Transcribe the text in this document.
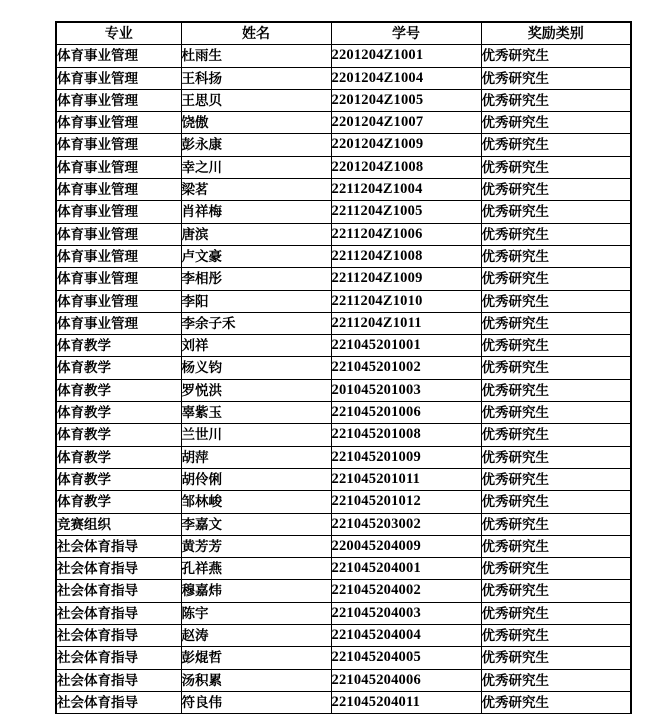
专业	姓名	学号	奖励类别
体育事业管理	杜雨生	2201204Z1001	优秀研究生
体育事业管理	王科扬	2201204Z1004	优秀研究生
体育事业管理	王思贝	2201204Z1005	优秀研究生
体育事业管理	饶傲	2201204Z1007	优秀研究生
体育事业管理	彭永康	2201204Z1009	优秀研究生
体育事业管理	幸之川	2201204Z1008	优秀研究生
体育事业管理	梁茗	2211204Z1004	优秀研究生
体育事业管理	肖祥梅	2211204Z1005	优秀研究生
体育事业管理	唐滨	2211204Z1006	优秀研究生
体育事业管理	卢文豪	2211204Z1008	优秀研究生
体育事业管理	李相彤	2211204Z1009	优秀研究生
体育事业管理	李阳	2211204Z1010	优秀研究生
体育事业管理	李余子禾	2211204Z1011	优秀研究生
体育教学	刘祥	221045201001	优秀研究生
体育教学	杨义钧	221045201002	优秀研究生
体育教学	罗悦洪	201045201003	优秀研究生
体育教学	辜紫玉	221045201006	优秀研究生
体育教学	兰世川	221045201008	优秀研究生
体育教学	胡萍	221045201009	优秀研究生
体育教学	胡伶俐	221045201011	优秀研究生
体育教学	邹林峻	221045201012	优秀研究生
竞赛组织	李嘉文	221045203002	优秀研究生
社会体育指导	黄芳芳	220045204009	优秀研究生
社会体育指导	孔祥燕	221045204001	优秀研究生
社会体育指导	穆嘉炜	221045204002	优秀研究生
社会体育指导	陈宇	221045204003	优秀研究生
社会体育指导	赵涛	221045204004	优秀研究生
社会体育指导	彭焜哲	221045204005	优秀研究生
社会体育指导	汤积累	221045204006	优秀研究生
社会体育指导	符良伟	221045204011	优秀研究生
